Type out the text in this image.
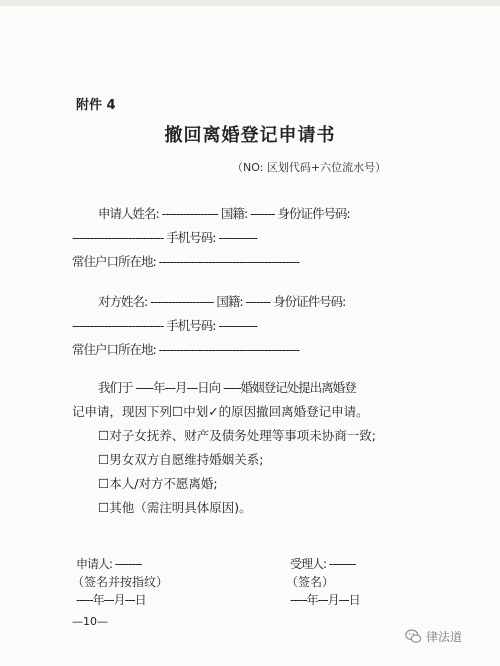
附件 4
撤回离婚登记申请书
（NO: 区划代码+六位流水号）
申请人姓名: ---------------- 国籍: ------- 身份证件号码:
-------------------------- 手机号码: -----------
常住户口所在地: ----------------------------------------
对方姓名: ------------------ 国籍: ------- 身份证件号码:
-------------------------- 手机号码: -----------
常住户口所在地: ----------------------------------------
我们于 -----年---月---日向 -----婚姻登记处提出离婚登
记申请，现因下列☐中划✓的原因撤回离婚登记申请。
☐对子女抚养、财产及债务处理等事项未协商一致;
☐男女双方自愿维持婚姻关系;
☐本人/对方不愿离婚;
☐其他（需注明具体原因)。
申请人: --------
（签名并按指纹）
-----年---月---日
受理人: --------
（签名）
-----年---月---日
—10—
律法道
